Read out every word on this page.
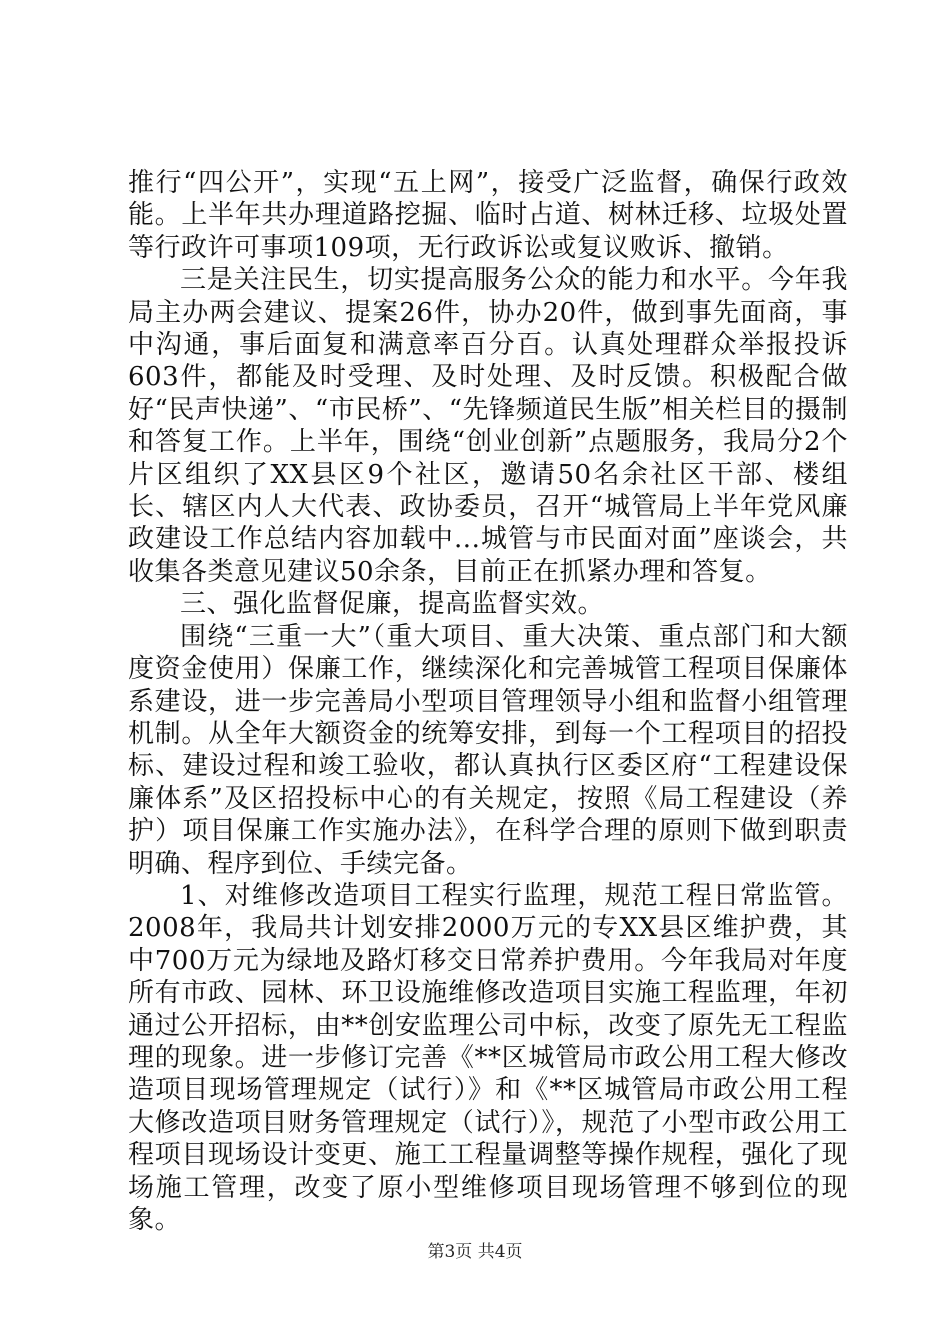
推行“四公开”，实现“五上网”，接受广泛监督，确保行政效能。上半年共办理道路挖掘、临时占道、树林迁移、垃圾处置等行政许可事项109项，无行政诉讼或复议败诉、撤销。

三是关注民生，切实提高服务公众的能力和水平。今年我局主办两会建议、提案26件，协办20件，做到事先面商，事中沟通，事后面复和满意率百分百。认真处理群众举报投诉603件，都能及时受理、及时处理、及时反馈。积极配合做好“民声快递”、“市民桥”、“先锋频道民生版”相关栏目的摄制和答复工作。上半年，围绕“创业创新”点题服务，我局分2个片区组织了XX县区9个社区，邀请50名余社区干部、楼组长、辖区内人大代表、政协委员，召开“城管局上半年党风廉政建设工作总结内容加载中...城管与市民面对面”座谈会，共收集各类意见建议50余条，目前正在抓紧办理和答复。

三、强化监督促廉，提高监督实效。

围绕“三重一大”（重大项目、重大决策、重点部门和大额度资金使用）保廉工作，继续深化和完善城管工程项目保廉体系建设，进一步完善局小型项目管理领导小组和监督小组管理机制。从全年大额资金的统筹安排，到每一个工程项目的招投标、建设过程和竣工验收，都认真执行区委区府“工程建设保廉体系”及区招投标中心的有关规定，按照《局工程建设（养护）项目保廉工作实施办法》，在科学合理的原则下做到职责明确、程序到位、手续完备。

1、对维修改造项目工程实行监理，规范工程日常监管。2008年，我局共计划安排2000万元的专XX县区维护费，其中700万元为绿地及路灯移交日常养护费用。今年我局对年度所有市政、园林、环卫设施维修改造项目实施工程监理，年初通过公开招标，由**创安监理公司中标，改变了原先无工程监理的现象。进一步修订完善《**区城管局市政公用工程大修改造项目现场管理规定（试行）》和《**区城管局市政公用工程大修改造项目财务管理规定（试行）》，规范了小型市政公用工程项目现场设计变更、施工工程量调整等操作规程，强化了现场施工管理，改变了原小型维修项目现场管理不够到位的现象。

第3页 共4页
